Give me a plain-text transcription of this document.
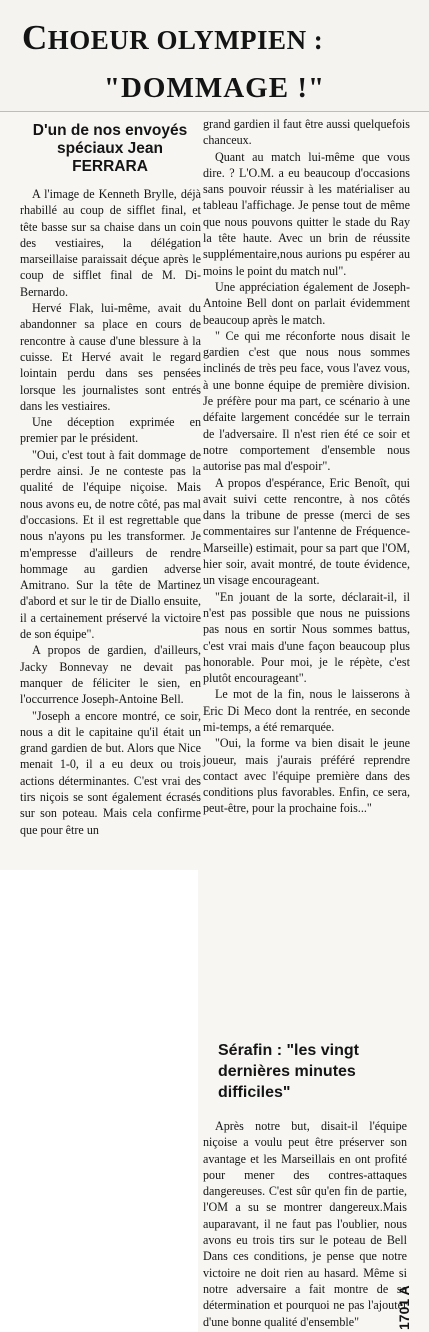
CHOEUR OLYMPIEN :
"DOMMAGE !"
D'un de nos envoyés spéciaux Jean FERRARA

A l'image de Kenneth Brylle, déjà rhabillé au coup de sifflet final, et tête basse sur sa chaise dans un coin des vestiaires, la délégation marseillaise paraissait déçue après le coup de sifflet final de M. Di-Bernardo.

Hervé Flak, lui-même, avait du abandonner sa place en cours de rencontre à cause d'une blessure à la cuisse. Et Hervé avait le regard lointain perdu dans ses pensées lorsque les journalistes sont entrés dans les vestiaires.

Une déception exprimée en premier par le président.

"Oui, c'est tout à fait dommage de perdre ainsi. Je ne conteste pas la qualité de l'équipe niçoise. Mais nous avons eu, de notre côté, pas mal d'occasions. Et il est regrettable que nous n'ayons pu les transformer. Je m'empresse d'ailleurs de rendre hommage au gardien adverse Amitrano. Sur la tête de Martinez d'abord et sur le tir de Diallo ensuite, il a certainement préservé la victoire de son équipe".

A propos de gardien, d'ailleurs, Jacky Bonnevay ne devait pas manquer de féliciter le sien, en l'occurrence Joseph-Antoine Bell.

"Joseph a encore montré, ce soir, nous a dit le capitaine qu'il était un grand gardien de but. Alors que Nice menait 1-0, il a eu deux ou trois actions déterminantes. C'est vrai des tirs niçois se sont également écrasés sur son poteau. Mais cela confirme que pour être un

grand gardien il faut être aussi quelquefois chanceux.

Quant au match lui-même que vous dire. ? L'O.M. a eu beaucoup d'occasions sans pouvoir réussir à les matérialiser au tableau l'affichage. Je pense tout de même que nous pouvons quitter le stade du Ray la tête haute. Avec un brin de réussite supplémentaire,nous aurions pu espérer au moins le point du match nul".

Une appréciation également de Joseph-Antoine Bell dont on parlait évidemment beaucoup après le match.

" Ce qui me réconforte nous disait le gardien c'est que nous nous sommes inclinés de très peu face, vous l'avez vous, à une bonne équipe de première division. Je préfère pour ma part, ce scénario à une défaite largement concédée sur le terrain de l'adversaire. Il n'est rien été ce soir et notre comportement d'ensemble nous autorise pas mal d'espoir".

A propos d'espérance, Eric Benoît, qui avait suivi cette rencontre, à nos côtés dans la tribune de presse (merci de ses commentaires sur l'antenne de Fréquence-Marseille) estimait, pour sa part que l'OM, hier soir, avait montré, de toute évidence, un visage encourageant.

"En jouant de la sorte, déclarait-il, il n'est pas possible que nous ne puissions pas nous en sortir Nous sommes battus, c'est vrai mais d'une façon beaucoup plus honorable. Pour moi, je le répète, c'est plutôt encourageant".

Le mot de la fin, nous le laisserons à Eric Di Meco dont la rentrée, en seconde mi-temps, a été remarquée.

"Oui, la forme va bien disait le jeune joueur, mais j'aurais préféré reprendre contact avec l'équipe première dans des conditions plus favorables. Enfin, ce sera, peut-être, pour la prochaine fois..."

Sérafin : "les vingt dernières minutes difficiles"

Après notre but, disait-il l'équipe niçoise a voulu peut être préserver son avantage et les Marseillais en ont profité pour mener des contres-attaques dangereuses. C'est sûr qu'en fin de partie, l'OM a su se montrer dangereux.Mais auparavant, il ne faut pas l'oublier, nous avons eu trois tirs sur le poteau de Bell Dans ces conditions, je pense que notre victoire ne doit rien au hasard. Même si notre adversaire a fait montre de sa détermination et pourquoi ne pas l'ajouter d'une bonne qualité d'ensemble"	1701 A
